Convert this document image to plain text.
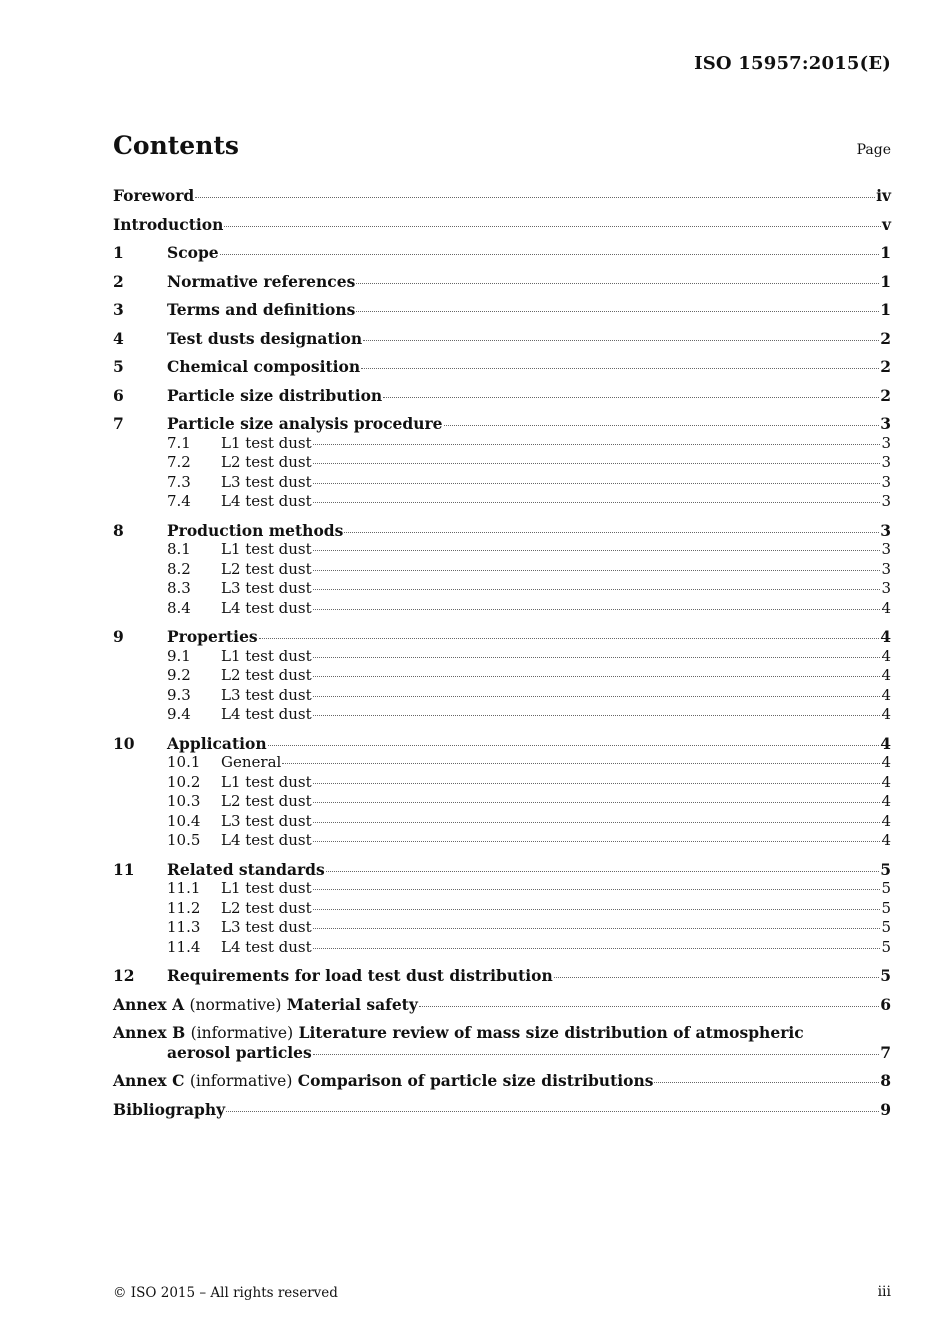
ISO 15957:2015(E)
Contents	Page
Foreword	iv
Introduction	v
1	Scope	1
2	Normative references	1
3	Terms and definitions	1
4	Test dusts designation	2
5	Chemical composition	2
6	Particle size distribution	2
7	Particle size analysis procedure	3
7.1	L1 test dust	3
7.2	L2 test dust	3
7.3	L3 test dust	3
7.4	L4 test dust	3
8	Production methods	3
8.1	L1 test dust	3
8.2	L2 test dust	3
8.3	L3 test dust	3
8.4	L4 test dust	4
9	Properties	4
9.1	L1 test dust	4
9.2	L2 test dust	4
9.3	L3 test dust	4
9.4	L4 test dust	4
10	Application	4
10.1	General	4
10.2	L1 test dust	4
10.3	L2 test dust	4
10.4	L3 test dust	4
10.5	L4 test dust	4
11	Related standards	5
11.1	L1 test dust	5
11.2	L2 test dust	5
11.3	L3 test dust	5
11.4	L4 test dust	5
12	Requirements for load test dust distribution	5
Annex A (normative) Material safety	6
Annex B (informative) Literature review of mass size distribution of atmospheric
aerosol particles	7
Annex C (informative) Comparison of particle size distributions	8
Bibliography	9
© ISO 2015 – All rights reserved	iii
